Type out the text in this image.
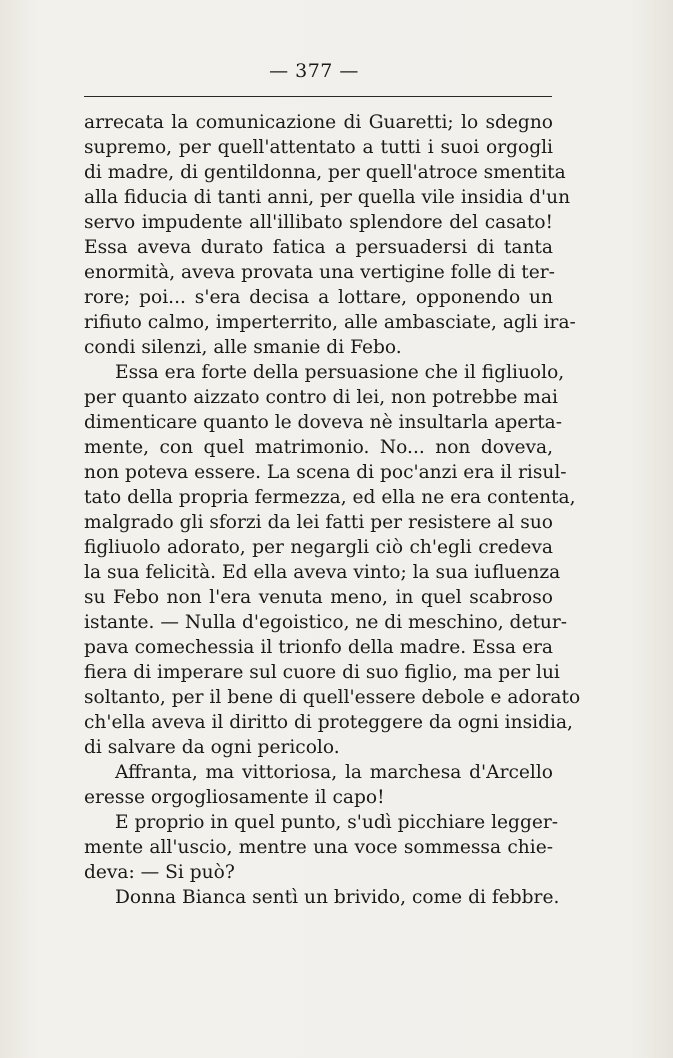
— 377 —
arrecata la comunicazione di Guaretti; lo sdegno
supremo, per quell'attentato a tutti i suoi orgogli
di madre, di gentildonna, per quell'atroce smentita
alla fiducia di tanti anni, per quella vile insidia d'un
servo impudente all'illibato splendore del casato!
Essa aveva durato fatica a persuadersi di tanta
enormità, aveva provata una vertigine folle di ter-
rore; poi... s'era decisa a lottare, opponendo un
rifiuto calmo, imperterrito, alle ambasciate, agli ira-
condi silenzi, alle smanie di Febo.
Essa era forte della persuasione che il figliuolo,
per quanto aizzato contro di lei, non potrebbe mai
dimenticare quanto le doveva nè insultarla aperta-
mente, con quel matrimonio. No... non doveva,
non poteva essere. La scena di poc'anzi era il risul-
tato della propria fermezza, ed ella ne era contenta,
malgrado gli sforzi da lei fatti per resistere al suo
figliuolo adorato, per negargli ciò ch'egli credeva
la sua felicità. Ed ella aveva vinto; la sua iufluenza
su Febo non l'era venuta meno, in quel scabroso
istante. — Nulla d'egoistico, ne di meschino, detur-
pava comechessia il trionfo della madre. Essa era
fiera di imperare sul cuore di suo figlio, ma per lui
soltanto, per il bene di quell'essere debole e adorato
ch'ella aveva il diritto di proteggere da ogni insidia,
di salvare da ogni pericolo.
Affranta, ma vittoriosa, la marchesa d'Arcello
eresse orgogliosamente il capo!
E proprio in quel punto, s'udì picchiare legger-
mente all'uscio, mentre una voce sommessa chie-
deva: — Si può?
Donna Bianca sentì un brivido, come di febbre.
